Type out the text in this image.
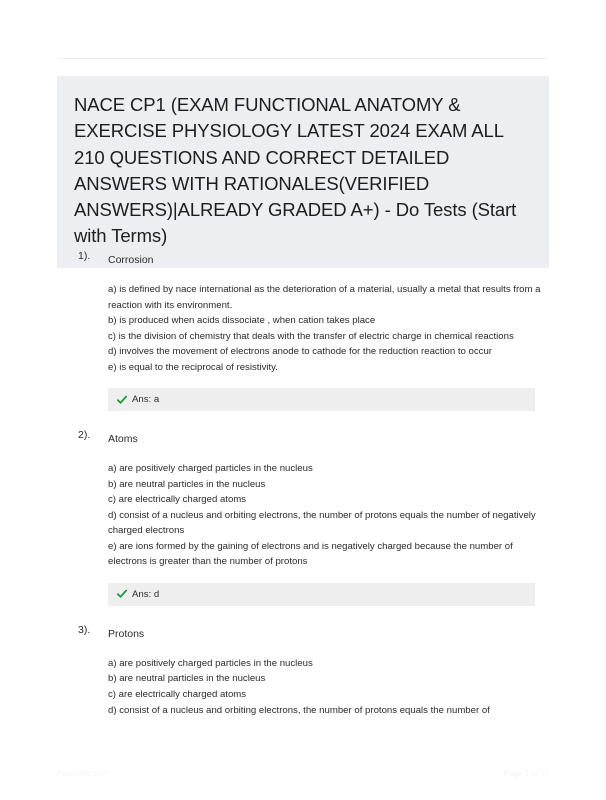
NACE CP1 (EXAM FUNCTIONAL ANATOMY & EXERCISE PHYSIOLOGY LATEST 2024 EXAM ALL 210 QUESTIONS AND CORRECT DETAILED ANSWERS WITH RATIONALES(VERIFIED ANSWERS)|ALREADY GRADED A+) - Do Tests (Start with Terms)
1).	Corrosion

a) is defined by nace international as the deterioration of a material, usually a metal that results from a reaction with its environment.

b) is produced when acids dissociate , when cation takes place

c) is the division of chemistry that deals with the transfer of electric charge in chemical reactions

d) involves the movement of electrons anode to cathode for the reduction reaction to occur

e) is equal to the reciprocal of resistivity.

Ans: a
2).	Atoms

a) are positively charged particles in the nucleus

b) are neutral particles in the nucleus

c) are electrically charged atoms

d) consist of a nucleus and orbiting electrons, the number of protons equals the number of negatively charged electrons

e) are ions formed by the gaining of electrons and is negatively charged because the number of electrons is greater than the number of protons

Ans: d
3).	Protons

a) are positively charged particles in the nucleus

b) are neutral particles in the nucleus

c) are electrically charged atoms

d) consist of a nucleus and orbiting electrons, the number of protons equals the number of

PaperStic.com	Page 1 of 52
